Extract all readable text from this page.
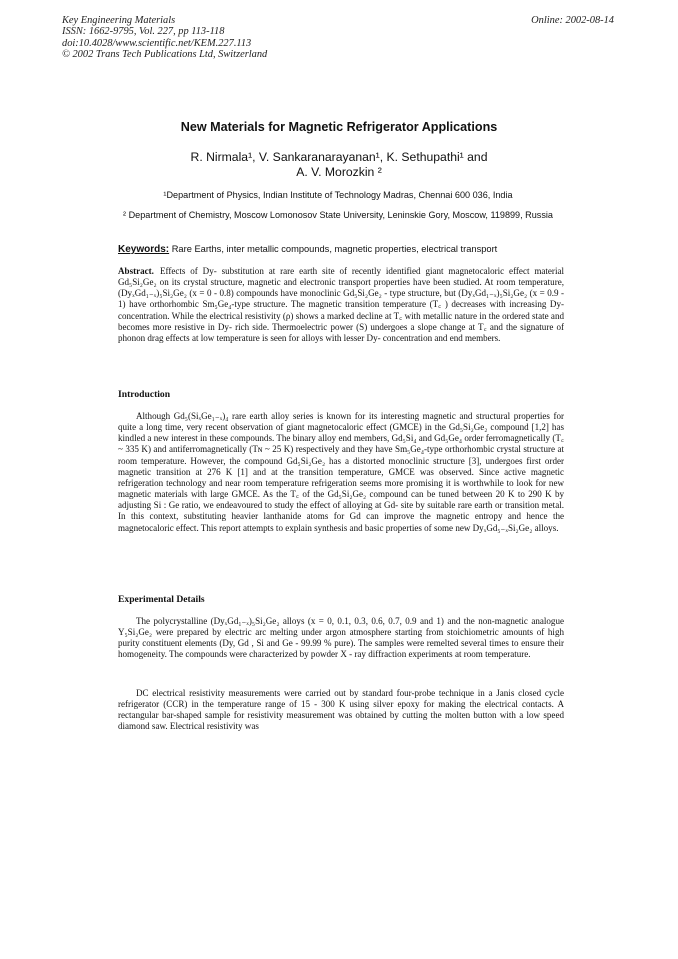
Key Engineering Materials
ISSN: 1662-9795, Vol. 227, pp 113-118
doi:10.4028/www.scientific.net/KEM.227.113
© 2002 Trans Tech Publications Ltd, Switzerland
Online: 2002-08-14
New Materials for Magnetic Refrigerator Applications
R. Nirmala¹, V. Sankaranarayanan¹, K. Sethupathi¹ and
A. V. Morozkin ²
¹Department of Physics, Indian Institute of Technology Madras, Chennai 600 036, India
² Department of Chemistry, Moscow Lomonosov State University, Leninskie Gory, Moscow, 119899, Russia
Keywords: Rare Earths, inter metallic compounds, magnetic properties, electrical transport

Abstract. Effects of Dy- substitution at rare earth site of recently identified giant magnetocaloric effect material Gd₅Si₂Ge₂ on its crystal structure, magnetic and electronic transport properties have been studied. At room temperature, (DyₓGd₁₋ₓ)₅Si₂Ge₂ (x = 0 - 0.8) compounds have monoclinic Gd₅Si₂Ge₂ - type structure, but (DyₓGd₁₋ₓ)₅Si₂Ge₂ (x = 0.9 - 1) have orthorhombic Sm₅Ge₄-type structure. The magnetic transition temperature (T꜀ ) decreases with increasing Dy- concentration. While the electrical resistivity (ρ) shows a marked decline at T꜀ with metallic nature in the ordered state and becomes more resistive in Dy- rich side. Thermoelectric power (S) undergoes a slope change at T꜀ and the signature of phonon drag effects at low temperature is seen for alloys with lesser Dy- concentration and end members.

Introduction

Although Gd₅(SiₓGe₁₋ₓ)₄ rare earth alloy series is known for its interesting magnetic and structural properties for quite a long time, very recent observation of giant magnetocaloric effect (GMCE) in the Gd₅Si₂Ge₂ compound [1,2] has kindled a new interest in these compounds. The binary alloy end members, Gd₅Si₄ and Gd₅Ge₄ order ferromagnetically (T꜀ ~ 335 K) and antiferromagnetically (Tɴ ~ 25 K) respectively and they have Sm₅Ge₄-type orthorhombic crystal structure at room temperature. However, the compound Gd₅Si₂Ge₂ has a distorted monoclinic structure [3], undergoes first order magnetic transition at 276 K [1] and at the transition temperature, GMCE was observed. Since active magnetic refrigeration technology and near room temperature refrigeration seems more promising it is worthwhile to look for new magnetic materials with large GMCE. As the T꜀ of the Gd₅Si₂Ge₂ compound can be tuned between 20 K to 290 K by adjusting Si : Ge ratio, we endeavoured to study the effect of alloying at Gd- site by suitable rare earth or transition metal. In this context, substituting heavier lanthanide atoms for Gd can improve the magnetic entropy and hence the magnetocaloric effect. This report attempts to explain synthesis and basic properties of some new DyₓGd₅₋ₓSi₂Ge₂ alloys.

Experimental Details

The polycrystalline (DyₓGd₁₋ₓ)₅Si₂Ge₂ alloys (x = 0, 0.1, 0.3, 0.6, 0.7, 0.9 and 1) and the non-magnetic analogue Y₅Si₂Ge₂ were prepared by electric arc melting under argon atmosphere starting from stoichiometric amounts of high purity constituent elements (Dy, Gd , Si and Ge - 99.99 % pure). The samples were remelted several times to ensure their homogeneity. The compounds were characterized by powder X - ray diffraction experiments at room temperature.

DC electrical resistivity measurements were carried out by standard four-probe technique in a Janis closed cycle refrigerator (CCR) in the temperature range of 15 - 300 K using silver epoxy for making the electrical contacts. A rectangular bar-shaped sample for resistivity measurement was obtained by cutting the molten button with a low speed diamond saw. Electrical resistivity was
